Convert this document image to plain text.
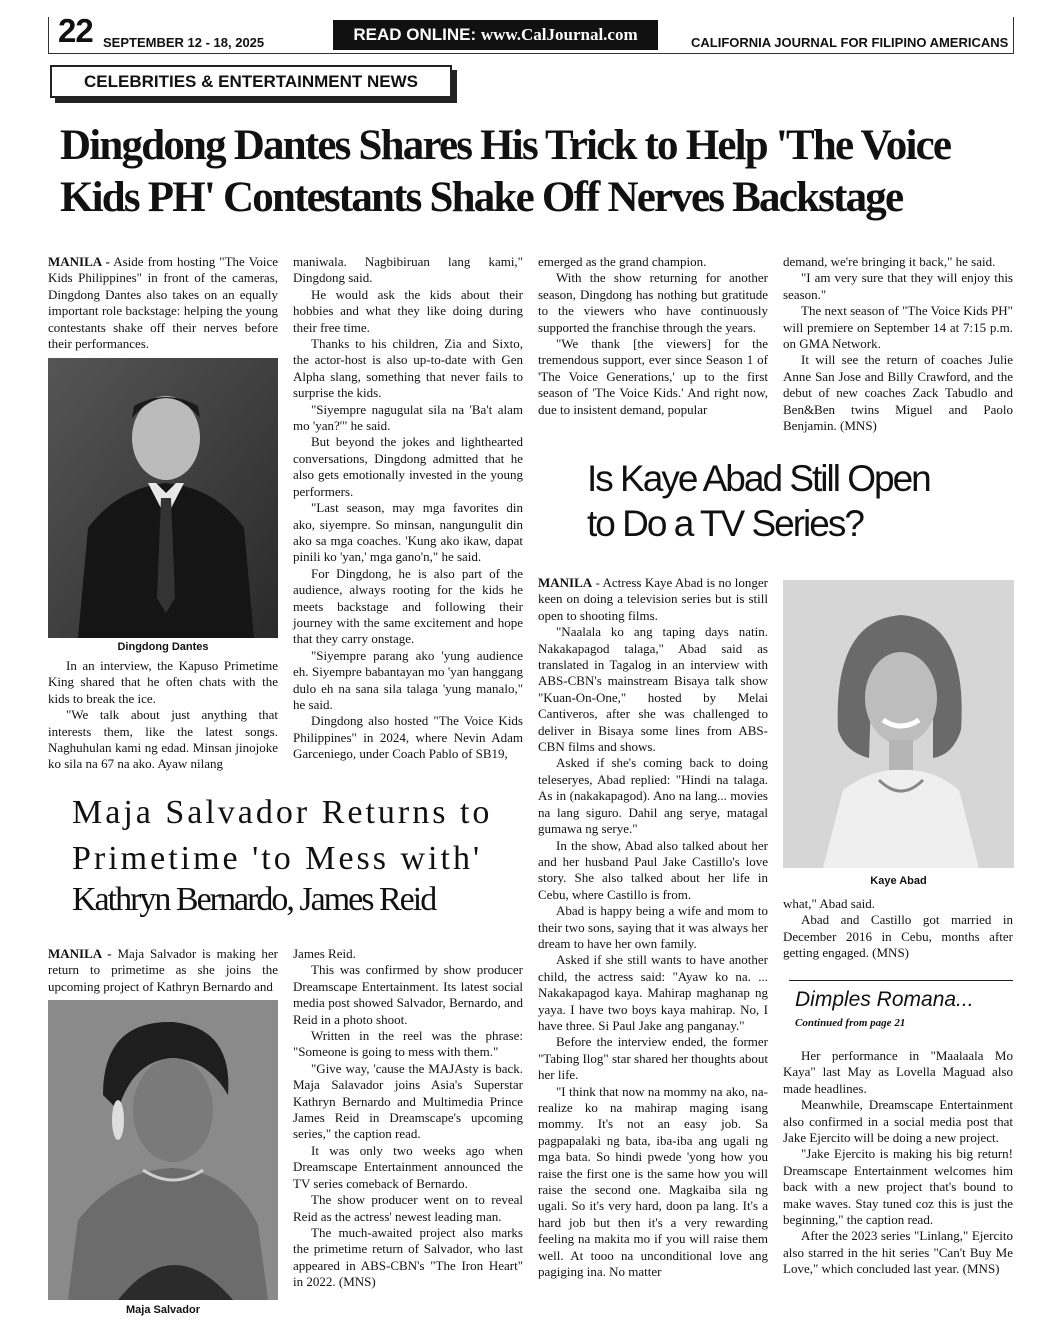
22 SEPTEMBER 12 - 18, 2025	READ ONLINE: www.CalJournal.com	CALIFORNIA JOURNAL FOR FILIPINO AMERICANS
CELEBRITIES & ENTERTAINMENT NEWS
Dingdong Dantes Shares His Trick to Help 'The Voice Kids PH' Contestants Shake Off Nerves Backstage

MANILA - Aside from hosting "The Voice Kids Philippines" in front of the cameras, Dingdong Dantes also takes on an equally important role backstage: helping the young contestants shake off their nerves before their performances.

Dingdong Dantes

In an interview, the Kapuso Primetime King shared that he often chats with the kids to break the ice.

"We talk about just anything that interests them, like the latest songs. Naghuhulan kami ng edad. Minsan jinojoke ko sila na 67 na ako. Ayaw nilang

maniwala. Nagbibiruan lang kami," Dingdong said.

He would ask the kids about their hobbies and what they like doing during their free time.

Thanks to his children, Zia and Sixto, the actor-host is also up-to-date with Gen Alpha slang, something that never fails to surprise the kids.

"Siyempre nagugulat sila na 'Ba't alam mo 'yan?'" he said.

But beyond the jokes and lighthearted conversations, Dingdong admitted that he also gets emotionally invested in the young performers.

"Last season, may mga favorites din ako, siyempre. So minsan, nangungulit din ako sa mga coaches. 'Kung ako ikaw, dapat pinili ko 'yan,' mga gano'n," he said.

For Dingdong, he is also part of the audience, always rooting for the kids he meets backstage and following their journey with the same excitement and hope that they carry onstage.

"Siyempre parang ako 'yung audience eh. Siyempre babantayan mo 'yan hanggang dulo eh na sana sila talaga 'yung manalo," he said.

Dingdong also hosted "The Voice Kids Philippines" in 2024, where Nevin Adam Garceniego, under Coach Pablo of SB19,

emerged as the grand champion.

With the show returning for another season, Dingdong has nothing but gratitude to the viewers who have continuously supported the franchise through the years.

"We thank [the viewers] for the tremendous support, ever since Season 1 of 'The Voice Generations,' up to the first season of 'The Voice Kids.' And right now, due to insistent demand, popular

demand, we're bringing it back," he said.

"I am very sure that they will enjoy this season."

The next season of "The Voice Kids PH" will premiere on September 14 at 7:15 p.m. on GMA Network.

It will see the return of coaches Julie Anne San Jose and Billy Crawford, and the debut of new coaches Zack Tabudlo and Ben&Ben twins Miguel and Paolo Benjamin. (MNS)

Is Kaye Abad Still Open
to Do a TV Series?

MANILA - Actress Kaye Abad is no longer keen on doing a television series but is still open to shooting films.

"Naalala ko ang taping days natin. Nakakapagod talaga," Abad said as translated in Tagalog in an interview with ABS-CBN's mainstream Bisaya talk show "Kuan-On-One," hosted by Melai Cantiveros, after she was challenged to deliver in Bisaya some lines from ABS-CBN films and shows.

Asked if she's coming back to doing teleseryes, Abad replied: "Hindi na talaga. As in (nakakapagod). Ano na lang... movies na lang siguro. Dahil ang serye, matagal gumawa ng serye."

In the show, Abad also talked about her and her husband Paul Jake Castillo's love story. She also talked about her life in Cebu, where Castillo is from.

Abad is happy being a wife and mom to their two sons, saying that it was always her dream to have her own family.

Asked if she still wants to have another child, the actress said: "Ayaw ko na. ... Nakakapagod kaya. Mahirap maghanap ng yaya. I have two boys kaya mahirap. No, I have three. Si Paul Jake ang panganay."

Before the interview ended, the former "Tabing Ilog" star shared her thoughts about her life.

"I think that now na mommy na ako, na-realize ko na mahirap maging isang mommy. It's not an easy job. Sa pagpapalaki ng bata, iba-iba ang ugali ng mga bata. So hindi pwede 'yong how you raise the first one is the same how you will raise the second one. Magkaiba sila ng ugali. So it's very hard, doon pa lang. It's a hard job but then it's a very rewarding feeling na makita mo if you will raise them well. At tooo na unconditional love ang pagiging ina. No matter

Kaye Abad

what," Abad said.

Abad and Castillo got married in December 2016 in Cebu, months after getting engaged. (MNS)

Maja Salvador Returns to
Primetime 'to Mess with'
Kathryn Bernardo, James Reid

MANILA - Maja Salvador is making her return to primetime as she joins the upcoming project of Kathryn Bernardo and

Maja Salvador

James Reid.

This was confirmed by show producer Dreamscape Entertainment. Its latest social media post showed Salvador, Bernardo, and Reid in a photo shoot.

Written in the reel was the phrase: "Someone is going to mess with them."

"Give way, 'cause the MAJAsty is back. Maja Salavador joins Asia's Superstar Kathryn Bernardo and Multimedia Prince James Reid in Dreamscape's upcoming series," the caption read.

It was only two weeks ago when Dreamscape Entertainment announced the TV series comeback of Bernardo.

The show producer went on to reveal Reid as the actress' newest leading man.

The much-awaited project also marks the primetime return of Salvador, who last appeared in ABS-CBN's "The Iron Heart" in 2022. (MNS)

Dimples Romana...
Continued from page 21

Her performance in "Maalaala Mo Kaya" last May as Lovella Maguad also made headlines.

Meanwhile, Dreamscape Entertainment also confirmed in a social media post that Jake Ejercito will be doing a new project.

"Jake Ejercito is making his big return! Dreamscape Entertainment welcomes him back with a new project that's bound to make waves. Stay tuned coz this is just the beginning," the caption read.

After the 2023 series "Linlang," Ejercito also starred in the hit series "Can't Buy Me Love," which concluded last year. (MNS)
